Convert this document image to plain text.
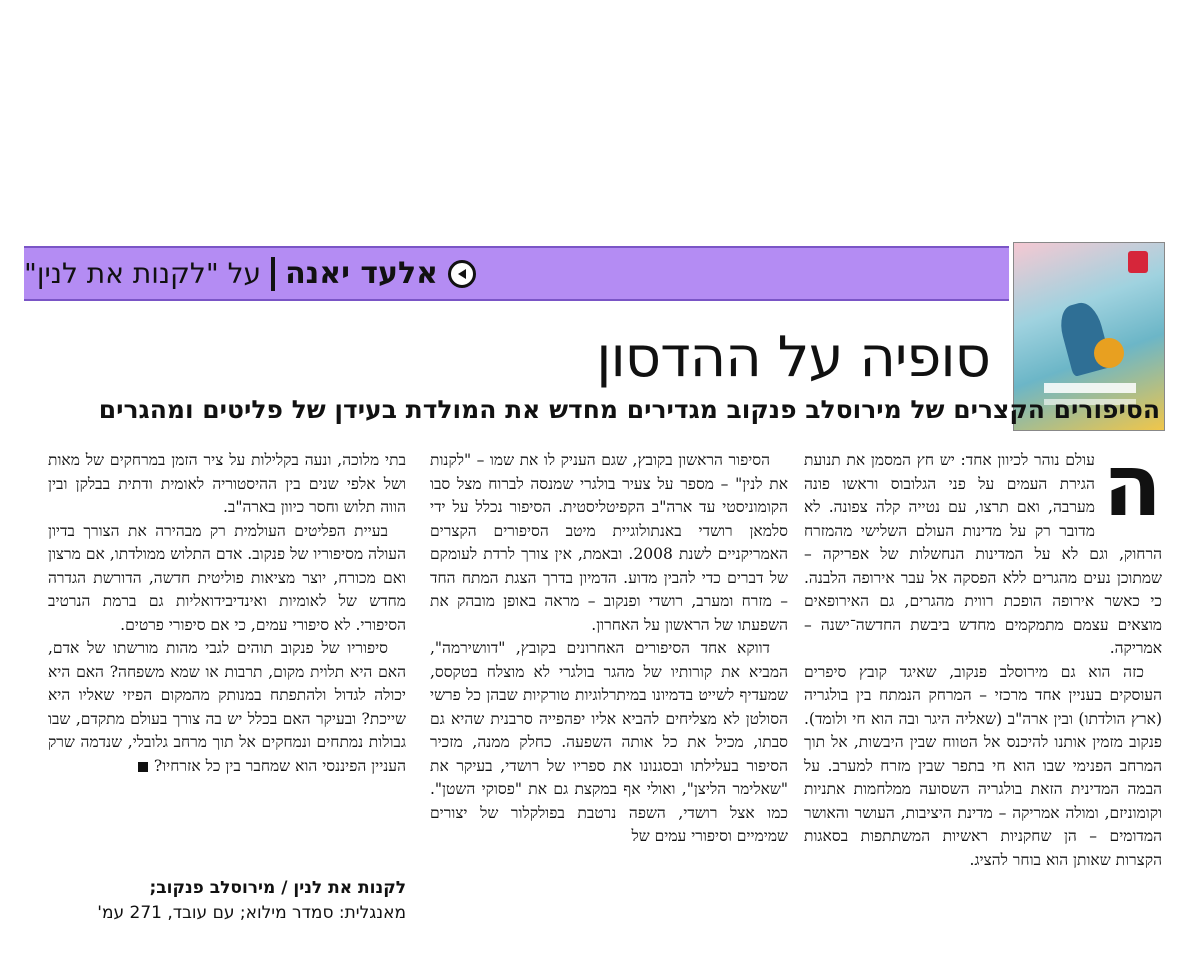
אלעד יאנה
על "לקנות את לנין"
סופיה על ההדסון
הסיפורים הקצרים של מירוסלב פנקוב מגדירים מחדש את המולדת בעידן של פליטים ומהגרים
ה

עולם נוהר לכיוון אחד: יש חץ המסמן את תנועת הגירת העמים על פני הגלובוס וראשו פונה מערבה, ואם תרצו, עם נטייה קלה צפונה. לא מדובר רק על מדינות העולם השלישי מהמזרח הרחוק, וגם לא על המדינות הנחשלות של אפריקה – שמתוכן נעים מהגרים ללא הפסקה אל עבר אירופה הלבנה. כי כאשר אירופה הופכת רווית מהגרים, גם האירופאים מוצאים עצמם מתמקמים מחדש ביבשת החדשה־ישנה – אמריקה.

כזה הוא גם מירוסלב פנקוב, שאיגד קובץ סיפרים העוסקים בעניין אחד מרכזי – המרחק הנמתח בין בולגריה (ארץ הולדתו) ובין ארה"ב (שאליה היגר ובה הוא חי ולומד). פנקוב מזמין אותנו להיכנס אל הטווח שבין היבשות, אל תוך המרחב הפנימי שבו הוא חי בתפר שבין מזרח למערב. על הבמה המדינית הזאת בולגריה השסועה ממלחמות אתניות וקומוניזם, ומולה אמריקה – מדינת היציבות, העושר והאושר המדומים – הן שחקניות ראשיות המשתתפות בסאגות הקצרות שאותן הוא בוחר להציג.

הסיפור הראשון בקובץ, שגם העניק לו את שמו – "לקנות את לנין" – מספר על צעיר בולגרי שמנסה לברוח מצל סבו הקומוניסטי עד ארה"ב הקפיטליסטית. הסיפור נכלל על ידי סלמאן רושדי באנתולוגיית מיטב הסיפורים הקצרים האמריקניים לשנת 2008. ובאמת, אין צורך לרדת לעומקם של דברים כדי להבין מדוע. הדמיון בדרך הצגת המתח החד – מזרח ומערב, רושדי ופנקוב – מראה באופן מובהק את השפעתו של הראשון על האחרון.

דווקא אחד הסיפורים האחרונים בקובץ, "דוושירמה", המביא את קורותיו של מהגר בולגרי לא מוצלח בטקסס, שמעדיף לשייט בדמיונו במיתרלוגיות טורקיות שבהן כל פרשי הסולטן לא מצליחים להביא אליו יפהפייה סרבנית שהיא גם סבתו, מכיל את כל אותה השפעה. כחלק ממנה, מזכיר הסיפור בעלילתו ובסגנונו את ספריו של רושדי, בעיקר את "שאלימר הליצן", ואולי אף במקצת גם את "פסוקי השטן". כמו אצל רושדי, השפה נרטבת בפולקלור של יצורים שמימיים וסיפורי עמים של

בתי מלוכה, ונעה בקלילות על ציר הזמן במרחקים של מאות ושל אלפי שנים בין ההיסטוריה לאומית ודתית בבלקן ובין הווה תלוש וחסר כיוון בארה"ב.

בעיית הפליטים העולמית רק מבהירה את הצורך בדיון העולה מסיפוריו של פנקוב. אדם התלוש ממולדתו, אם מרצון ואם מכורח, יוצר מציאות פוליטית חדשה, הדורשת הגדרה מחדש של לאומיות ואינדיבידואליות גם ברמת הנרטיב הסיפורי. לא סיפורי עמים, כי אם סיפורי פרטים.

סיפוריו של פנקוב תוהים לגבי מהות מורשתו של אדם, האם היא תלוית מקום, תרבות או שמא משפחה? האם היא יכולה לגדול ולהתפתח במנותק מהמקום הפיזי שאליו היא שייכת? ובעיקר האם בכלל יש בה צורך בעולם מתקדם, שבו גבולות נמתחים ונמחקים אל תוך מרחב גלובלי, שנדמה שרק העניין הפיננסי הוא שמחבר בין כל אזרחיו?

לקנות את לנין / מירוסלב פנקוב;
מאנגלית: סמדר מילוא; עם עובד, 271 עמ'
